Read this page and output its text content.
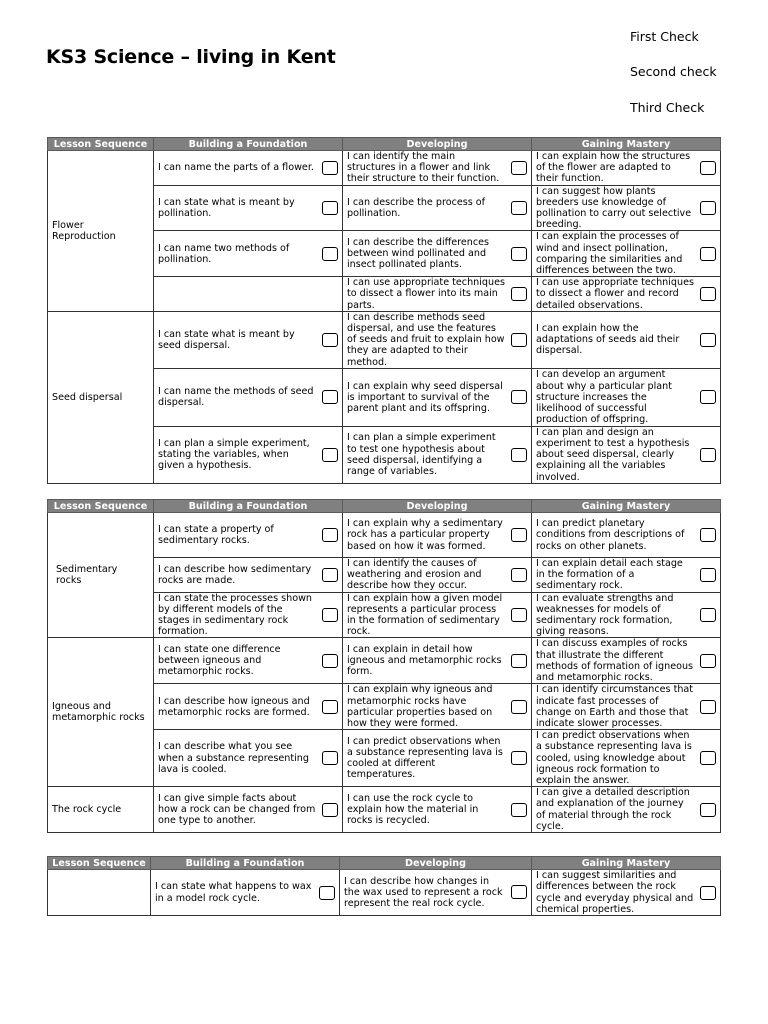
KS3 Science – living in Kent
First Check
Second check
Third Check
Lesson Sequence	Building a Foundation	Developing	Gaining Mastery
Flower Reproduction	I can name the parts of a flower.	I can identify the main structures in a flower and link their structure to their function.	I can explain how the structures of the flower are adapted to their function.

	I can state what is meant by pollination.	I can describe the process of pollination.	I can suggest how plants breeders use knowledge of pollination to carry out selective breeding.

	I can name two methods of pollination.	I can describe the differences between wind pollinated and insect pollinated plants.	I can explain the processes of wind and insect pollination, comparing the similarities and differences between the two.

		I can use appropriate techniques to dissect a flower into its main parts.	I can use appropriate techniques to dissect a flower and record detailed observations.

Seed dispersal	I can state what is meant by seed dispersal.	I can describe methods seed dispersal, and use the features of seeds and fruit to explain how they are adapted to their method.	I can explain how the adaptations of seeds aid their dispersal.

	I can name the methods of seed dispersal.	I can explain why seed dispersal is important to survival of the parent plant and its offspring.	I can develop an argument about why a particular plant structure increases the likelihood of successful production of offspring.

	I can plan a simple experiment, stating the variables, when given a hypothesis.	I can plan a simple experiment to test one hypothesis about seed dispersal, identifying a range of variables.	I can plan and design an experiment to test a hypothesis about seed dispersal, clearly explaining all the variables involved.
Lesson Sequence	Building a Foundation	Developing	Gaining Mastery
Sedimentary rocks	I can state a property of sedimentary rocks.	I can explain why a sedimentary rock has a particular property based on how it was formed.	I can predict planetary conditions from descriptions of rocks on other planets.

	I can describe how sedimentary rocks are made.	I can identify the causes of weathering and erosion and describe how they occur.	I can explain detail each stage in the formation of a sedimentary rock.

	I can state the processes shown by different models of the stages in sedimentary rock formation.	I can explain how a given model represents a particular process in the formation of sedimentary rock.	I can evaluate strengths and weaknesses for models of sedimentary rock formation, giving reasons.

Igneous and metamorphic rocks	I can state one difference between igneous and metamorphic rocks.	I can explain in detail how igneous and metamorphic rocks form.	I can discuss examples of rocks that illustrate the different methods of formation of igneous and metamorphic rocks.

	I can describe how igneous and metamorphic rocks are formed.	I can explain why igneous and metamorphic rocks have particular properties based on how they were formed.	I can identify circumstances that indicate fast processes of change on Earth and those that indicate slower processes.

	I can describe what you see when a substance representing lava is cooled.	I can predict observations when a substance representing lava is cooled at different temperatures.	I can predict observations when a substance representing lava is cooled, using knowledge about igneous rock formation to explain the answer.

The rock cycle	I can give simple facts about how a rock can be changed from one type to another.	I can use the rock cycle to explain how the material in rocks is recycled.	I can give a detailed description and explanation of the journey of material through the rock cycle.
Lesson Sequence	Building a Foundation	Developing	Gaining Mastery

	I can state what happens to wax in a model rock cycle.	I can describe how changes in the wax used to represent a rock represent the real rock cycle.	I can suggest similarities and differences between the rock cycle and everyday physical and chemical properties.
